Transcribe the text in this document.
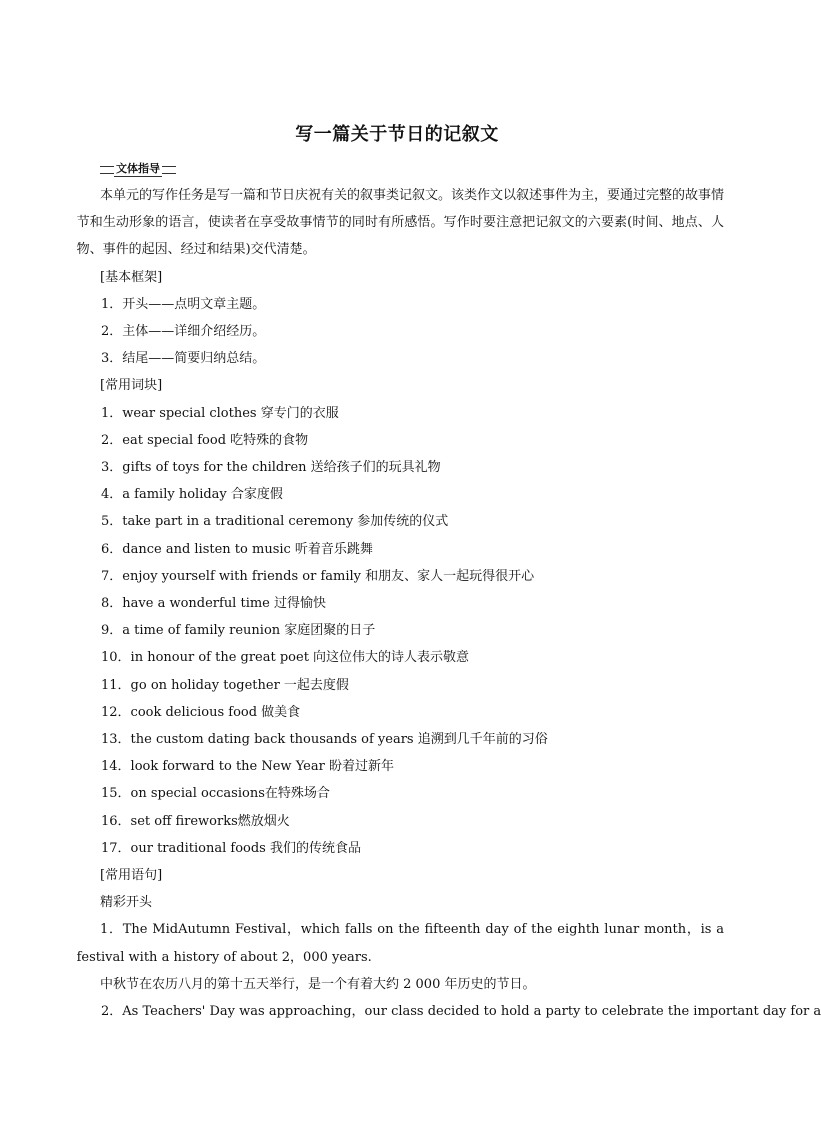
写一篇关于节日的记叙文
文体指导

本单元的写作任务是写一篇和节日庆祝有关的叙事类记叙文。该类作文以叙述事件为主，要通过完整的故事情节和生动形象的语言，使读者在享受故事情节的同时有所感悟。写作时要注意把记叙文的六要素(时间、地点、人物、事件的起因、经过和结果)交代清楚。

[基本框架]

1．开头——点明文章主题。

2．主体——详细介绍经历。

3．结尾——简要归纳总结。

[常用词块]

1．wear special clothes 穿专门的衣服

2．eat special food 吃特殊的食物

3．gifts of toys for the children 送给孩子们的玩具礼物

4．a family holiday 合家度假

5．take part in a traditional ceremony 参加传统的仪式

6．dance and listen to music 听着音乐跳舞

7．enjoy yourself with friends or family 和朋友、家人一起玩得很开心

8．have a wonderful time 过得愉快

9．a time of family reunion 家庭团聚的日子

10．in honour of the great poet 向这位伟大的诗人表示敬意

11．go on holiday together 一起去度假

12．cook delicious food 做美食

13．the custom dating back thousands of years 追溯到几千年前的习俗

14．look forward to the New Year 盼着过新年

15．on special occasions在特殊场合

16．set off fireworks燃放烟火

17．our traditional foods 我们的传统食品

[常用语句]

精彩开头

1．The MidAutumn Festival，which falls on the fifteenth day of the eighth lunar month，is a festival with a history of about 2，000 years.

中秋节在农历八月的第十五天举行，是一个有着大约 2 000 年历史的节日。

2．As Teachers' Day was approaching，our class decided to hold a party to celebrate the important day for a
